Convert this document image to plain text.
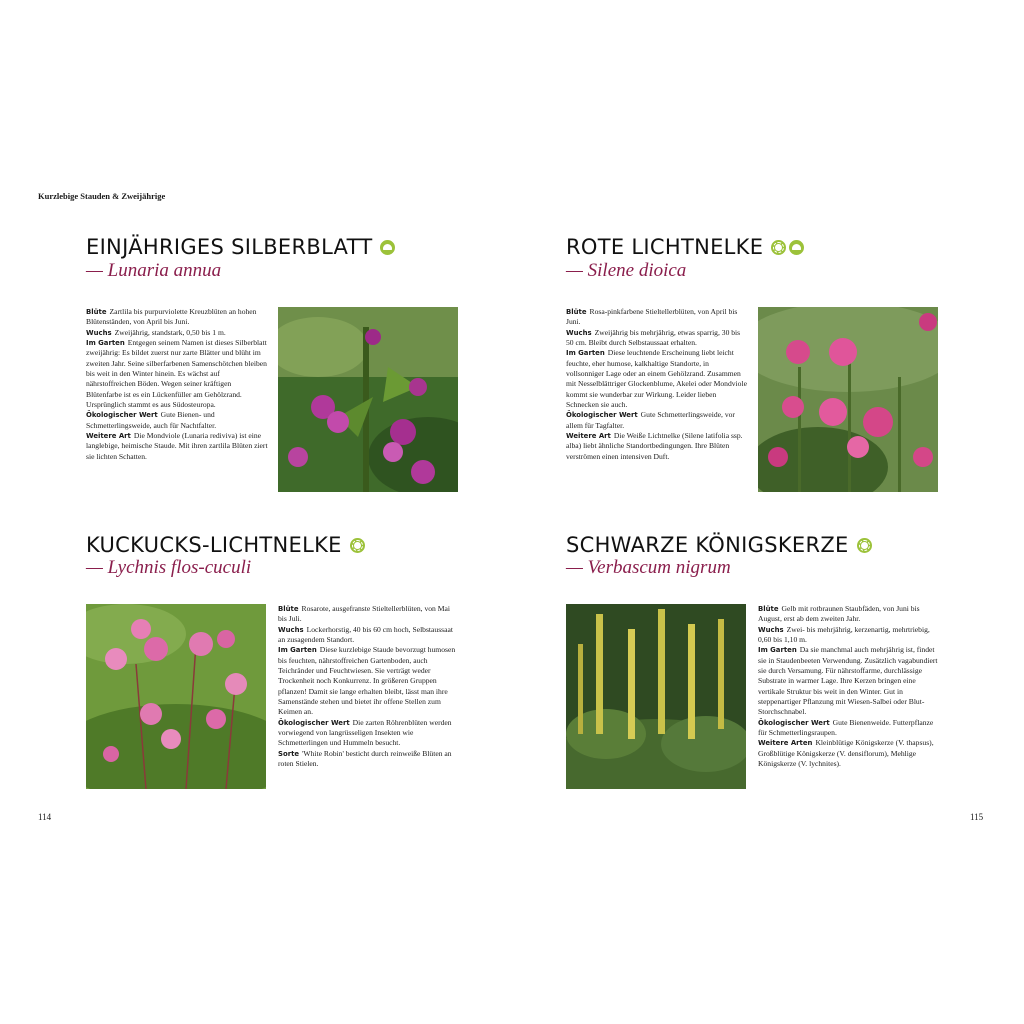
Kurzlebige Stauden & Zweijährige
114	115
EINJÄHRIGES SILBERBLATT
— Lunaria annua

Blüte Zartlila bis purpurviolette Kreuzblüten an hohen Blütenständen, von April bis Juni.

Wuchs Zweijährig, standstark, 0,50 bis 1 m.

Im Garten Entgegen seinem Namen ist dieses Silberblatt zweijährig: Es bildet zuerst nur zarte Blätter und blüht im zweiten Jahr. Seine silberfarbenen Samenschötchen bleiben bis weit in den Winter hinein. Es wächst auf nährstoffreichen Böden. Wegen seiner kräftigen Blütenfarbe ist es ein Lückenfüller am Gehölzrand. Ursprünglich stammt es aus Südosteuropa.

Ökologischer Wert Gute Bienen- und Schmetterlingsweide, auch für Nachtfalter.

Weitere Art Die Mondviole (Lunaria rediviva) ist eine langlebige, heimische Staude. Mit ihren zartlila Blüten ziert sie lichten Schatten.

ROTE LICHTNELKE
— Silene dioica

Blüte Rosa-pinkfarbene Stieltellerblüten, von April bis Juni.

Wuchs Zweijährig bis mehrjährig, etwas sparrig, 30 bis 50 cm. Bleibt durch Selbstaussaat erhalten.

Im Garten Diese leuchtende Erscheinung liebt leicht feuchte, eher humose, kalkhaltige Standorte, in vollsonniger Lage oder an einem Gehölzrand. Zusammen mit Nesselblättriger Glockenblume, Akelei oder Mondviole kommt sie wunderbar zur Wirkung. Leider lieben Schnecken sie auch.

Ökologischer Wert Gute Schmetterlingsweide, vor allem für Tagfalter.

Weitere Art Die Weiße Lichtnelke (Silene latifolia ssp. alba) liebt ähnliche Standortbedingungen. Ihre Blüten verströmen einen intensiven Duft.

KUCKUCKS-LICHTNELKE
— Lychnis flos-cuculi

Blüte Rosarote, ausgefranste Stieltellerblüten, von Mai bis Juli.

Wuchs Lockerhorstig, 40 bis 60 cm hoch, Selbstaussaat an zusagendem Standort.

Im Garten Diese kurzlebige Staude bevorzugt humosen bis feuchten, nährstoffreichen Gartenboden, auch Teichränder und Feuchtwiesen. Sie verträgt weder Trockenheit noch Konkurrenz. In größeren Gruppen pflanzen! Damit sie lange erhalten bleibt, lässt man ihre Samenstände stehen und bietet ihr offene Stellen zum Keimen an.

Ökologischer Wert Die zarten Röhrenblüten werden vorwiegend von langrüsseligen Insekten wie Schmetterlingen und Hummeln besucht.

Sorte 'White Robin' besticht durch reinweiße Blüten an roten Stielen.

SCHWARZE KÖNIGSKERZE
— Verbascum nigrum

Blüte Gelb mit rotbraunen Staubfäden, von Juni bis August, erst ab dem zweiten Jahr.

Wuchs Zwei- bis mehrjährig, kerzenartig, mehrtriebig, 0,60 bis 1,10 m.

Im Garten Da sie manchmal auch mehrjährig ist, findet sie in Staudenbeeten Verwendung. Zusätzlich vagabundiert sie durch Versamung. Für nährstoffarme, durchlässige Substrate in warmer Lage. Ihre Kerzen bringen eine vertikale Struktur bis weit in den Winter. Gut in steppenartiger Pflanzung mit Wiesen-Salbei oder Blut-Storchschnabel.

Ökologischer Wert Gute Bienenweide. Futterpflanze für Schmetterlingsraupen.

Weitere Arten Kleinblütige Königskerze (V. thapsus), Großblütige Königskerze (V. densiflorum), Mehlige Königskerze (V. lychnites).
